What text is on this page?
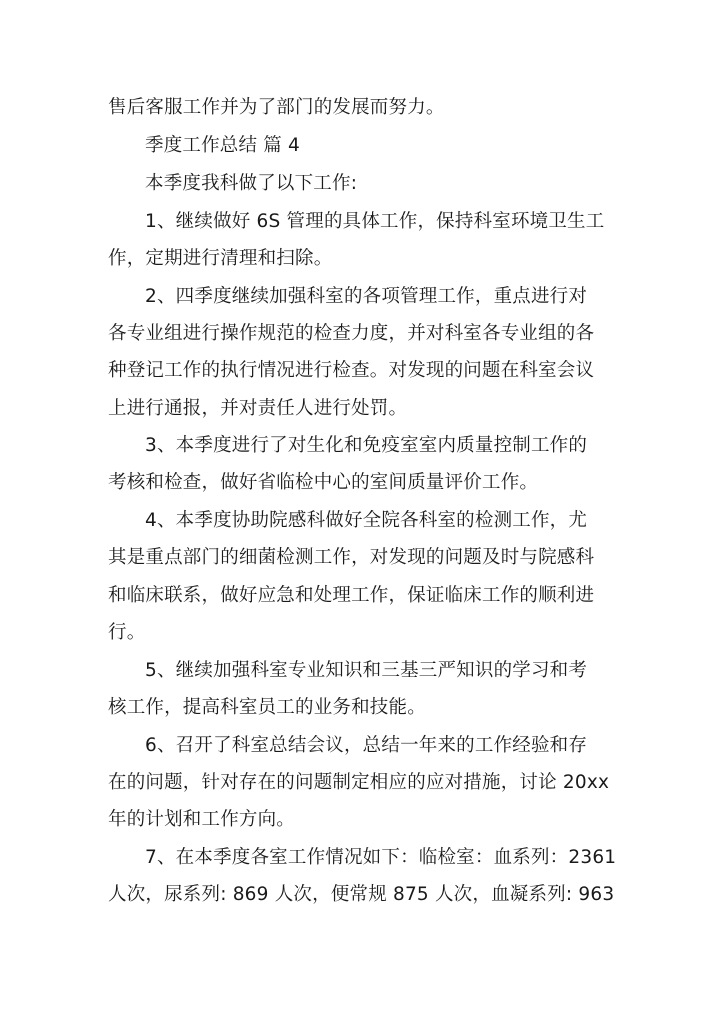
售后客服工作并为了部门的发展而努力。
季度工作总结 篇 4
本季度我科做了以下工作:
1、继续做好 6S 管理的具体工作，保持科室环境卫生工
作，定期进行清理和扫除。
2、四季度继续加强科室的各项管理工作，重点进行对
各专业组进行操作规范的检查力度，并对科室各专业组的各
种登记工作的执行情况进行检查。对发现的问题在科室会议
上进行通报，并对责任人进行处罚。
3、本季度进行了对生化和免疫室室内质量控制工作的
考核和检查，做好省临检中心的室间质量评价工作。
4、本季度协助院感科做好全院各科室的检测工作，尤
其是重点部门的细菌检测工作，对发现的问题及时与院感科
和临床联系，做好应急和处理工作，保证临床工作的顺利进
行。
5、继续加强科室专业知识和三基三严知识的学习和考
核工作，提高科室员工的业务和技能。
6、召开了科室总结会议，总结一年来的工作经验和存
在的问题，针对存在的问题制定相应的应对措施，讨论 20xx
年的计划和工作方向。
7、在本季度各室工作情况如下：临检室：血系列：2361
人次，尿系列: 869 人次，便常规 875 人次，血凝系列: 963
